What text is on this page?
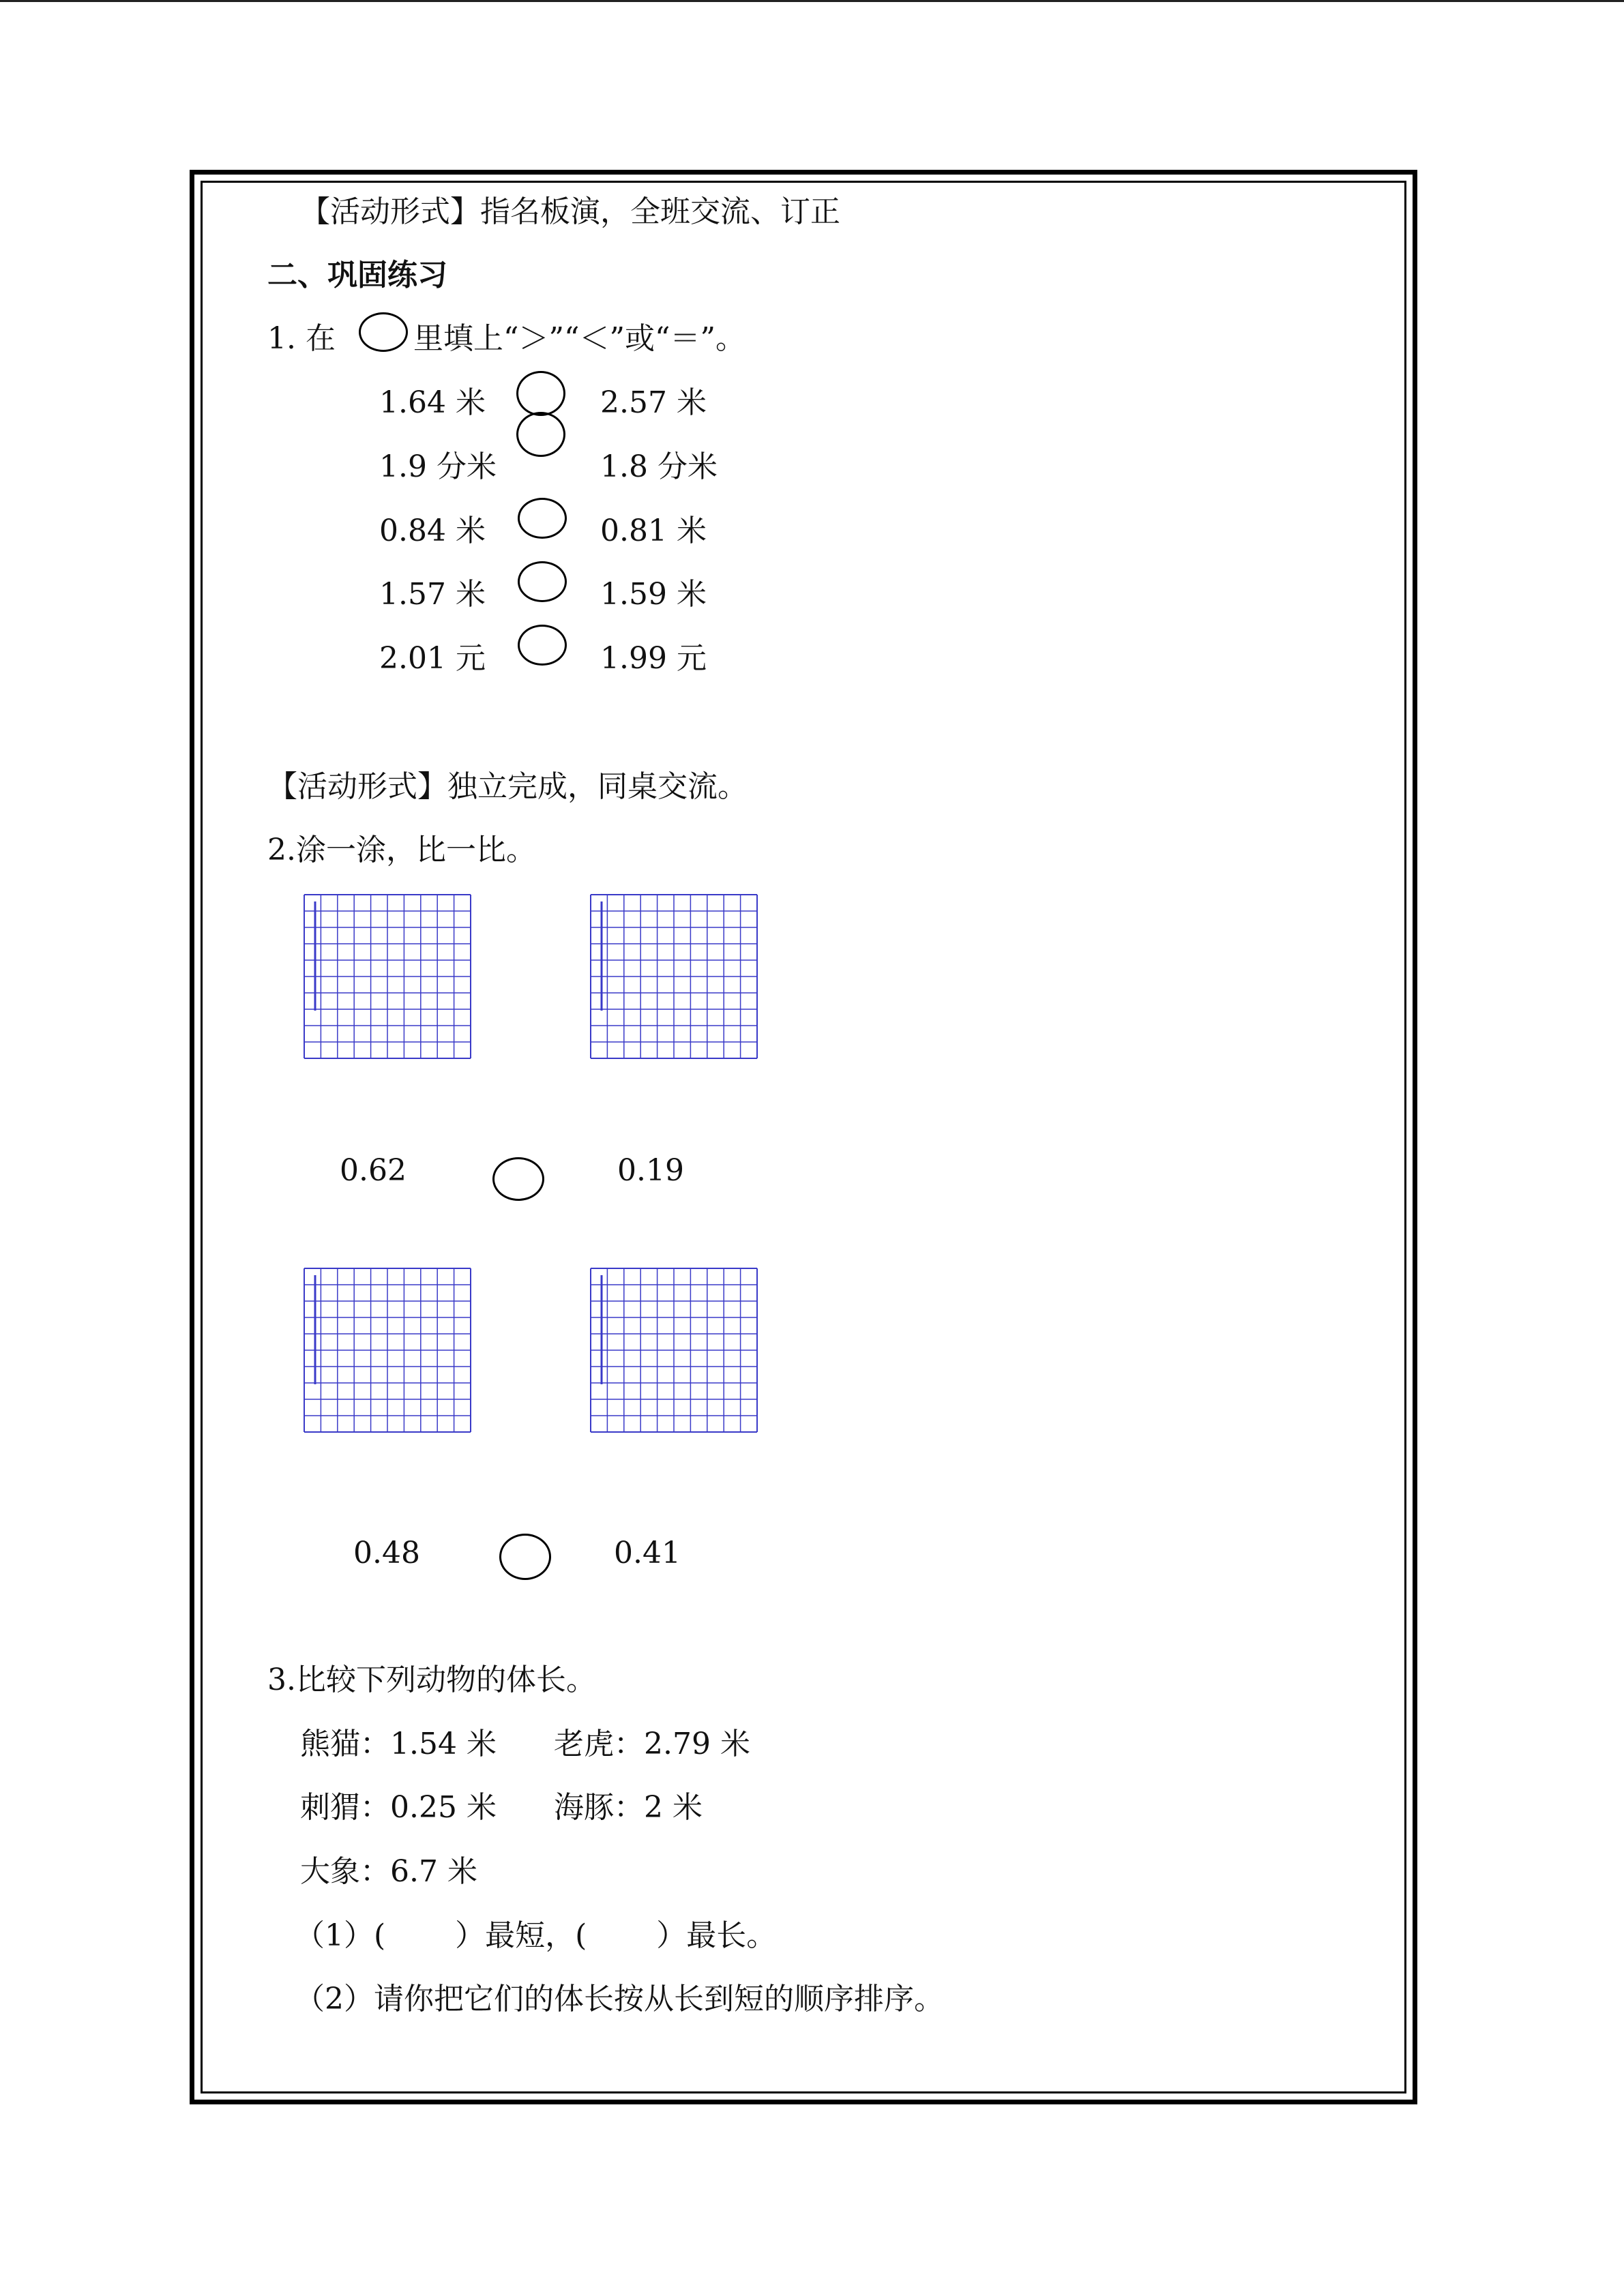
【活动形式】指名板演，全班交流、订正
二、巩固练习
1. 在	里填上“＞”“＜”或“＝”。
1.64 米	2.57 米
1.9 分米	1.8 分米
0.84 米	0.81 米
1.57 米	1.59 米
2.01 元	1.99 元
【活动形式】独立完成，同桌交流。
2.涂一涂，比一比。
0.62	0.19
0.48	0.41
3.比较下列动物的体长。
熊猫：1.54 米 老虎：2.79 米
刺猬：0.25 米 海豚：2 米
大象：6.7 米
（1）(　　 ）最短，(　　 ）最长。
（2）请你把它们的体长按从长到短的顺序排序。
